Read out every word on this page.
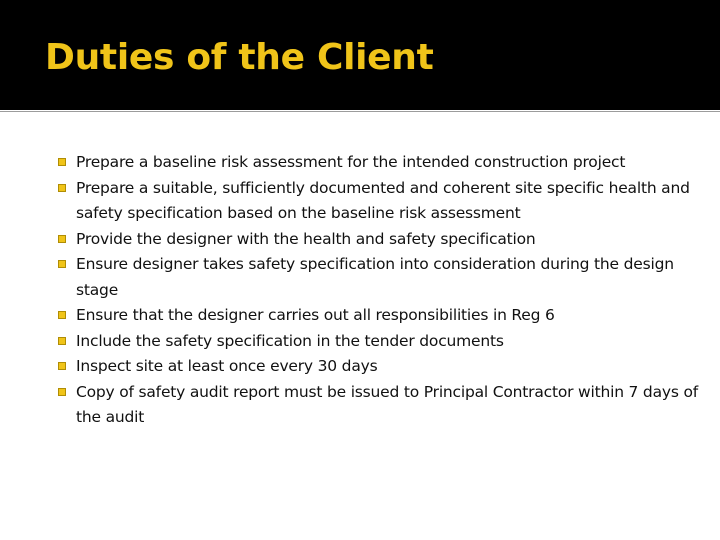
Duties of the Client
Prepare a baseline risk assessment for the intended construction project
Prepare a suitable, sufficiently documented and coherent site specific health and safety specification based on the baseline risk assessment
Provide the designer with the health and safety specification
Ensure designer takes safety specification into consideration during the design stage
Ensure that the designer carries out all responsibilities in Reg 6
Include the safety specification in the tender documents
Inspect site at least once every 30 days
Copy of safety audit report must be issued to Principal Contractor within 7 days of the audit
